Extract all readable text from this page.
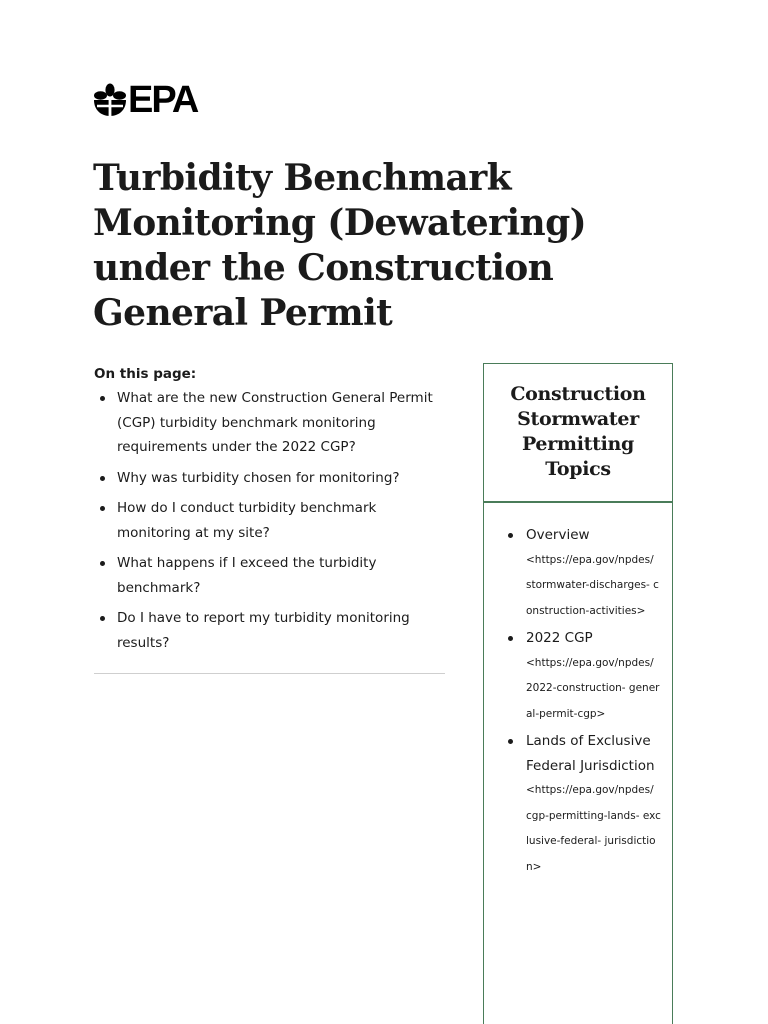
EPA
Turbidity Benchmark Monitoring (Dewatering) under the Construction General Permit
On this page:
What are the new Construction General Permit (CGP) turbidity benchmark monitoring requirements under the 2022 CGP?
Why was turbidity chosen for monitoring?
How do I conduct turbidity benchmark monitoring at my site?
What happens if I exceed the turbidity benchmark?
Do I have to report my turbidity monitoring results?
Construction Stormwater Permitting Topics
Overview
<https://epa.gov/npdes/ stormwater-discharges- construction-activities>
2022 CGP
<https://epa.gov/npdes/ 2022-construction- general-permit-cgp>
Lands of Exclusive Federal Jurisdiction
<https://epa.gov/npdes/ cgp-permitting-lands- exclusive-federal- jurisdiction>
